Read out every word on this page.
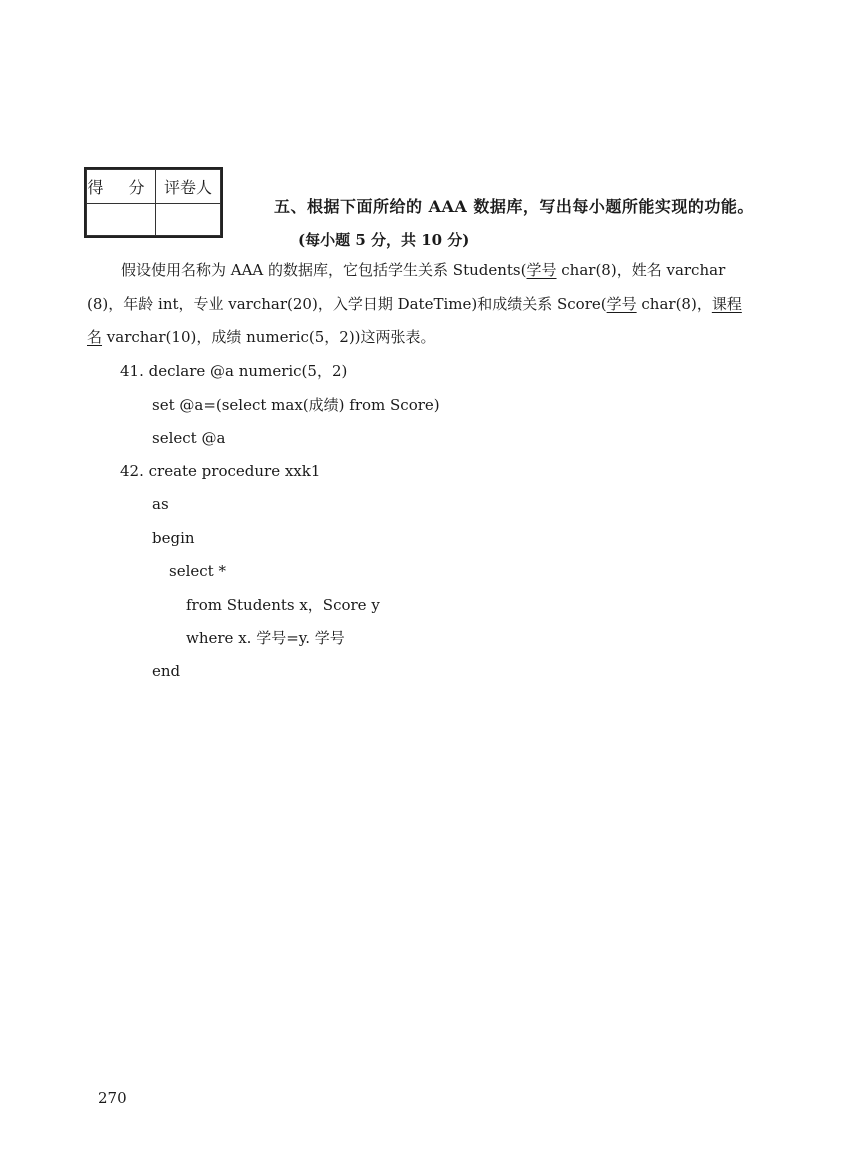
得 分	评卷人

五、根据下面所给的 AAA 数据库，写出每小题所能实现的功能。
(每小题 5 分，共 10 分)
假设使用名称为 AAA 的数据库，它包括学生关系 Students(学号 char(8)，姓名 varchar
(8)，年龄 int，专业 varchar(20)，入学日期 DateTime)和成绩关系 Score(学号 char(8)，课程
名 varchar(10)，成绩 numeric(5，2))这两张表。
41. declare @a numeric(5，2)
set @a=(select max(成绩) from Score)
select @a
42. create procedure xxk1
as
begin
select *
from Students x，Score y
where x. 学号=y. 学号
end
270
